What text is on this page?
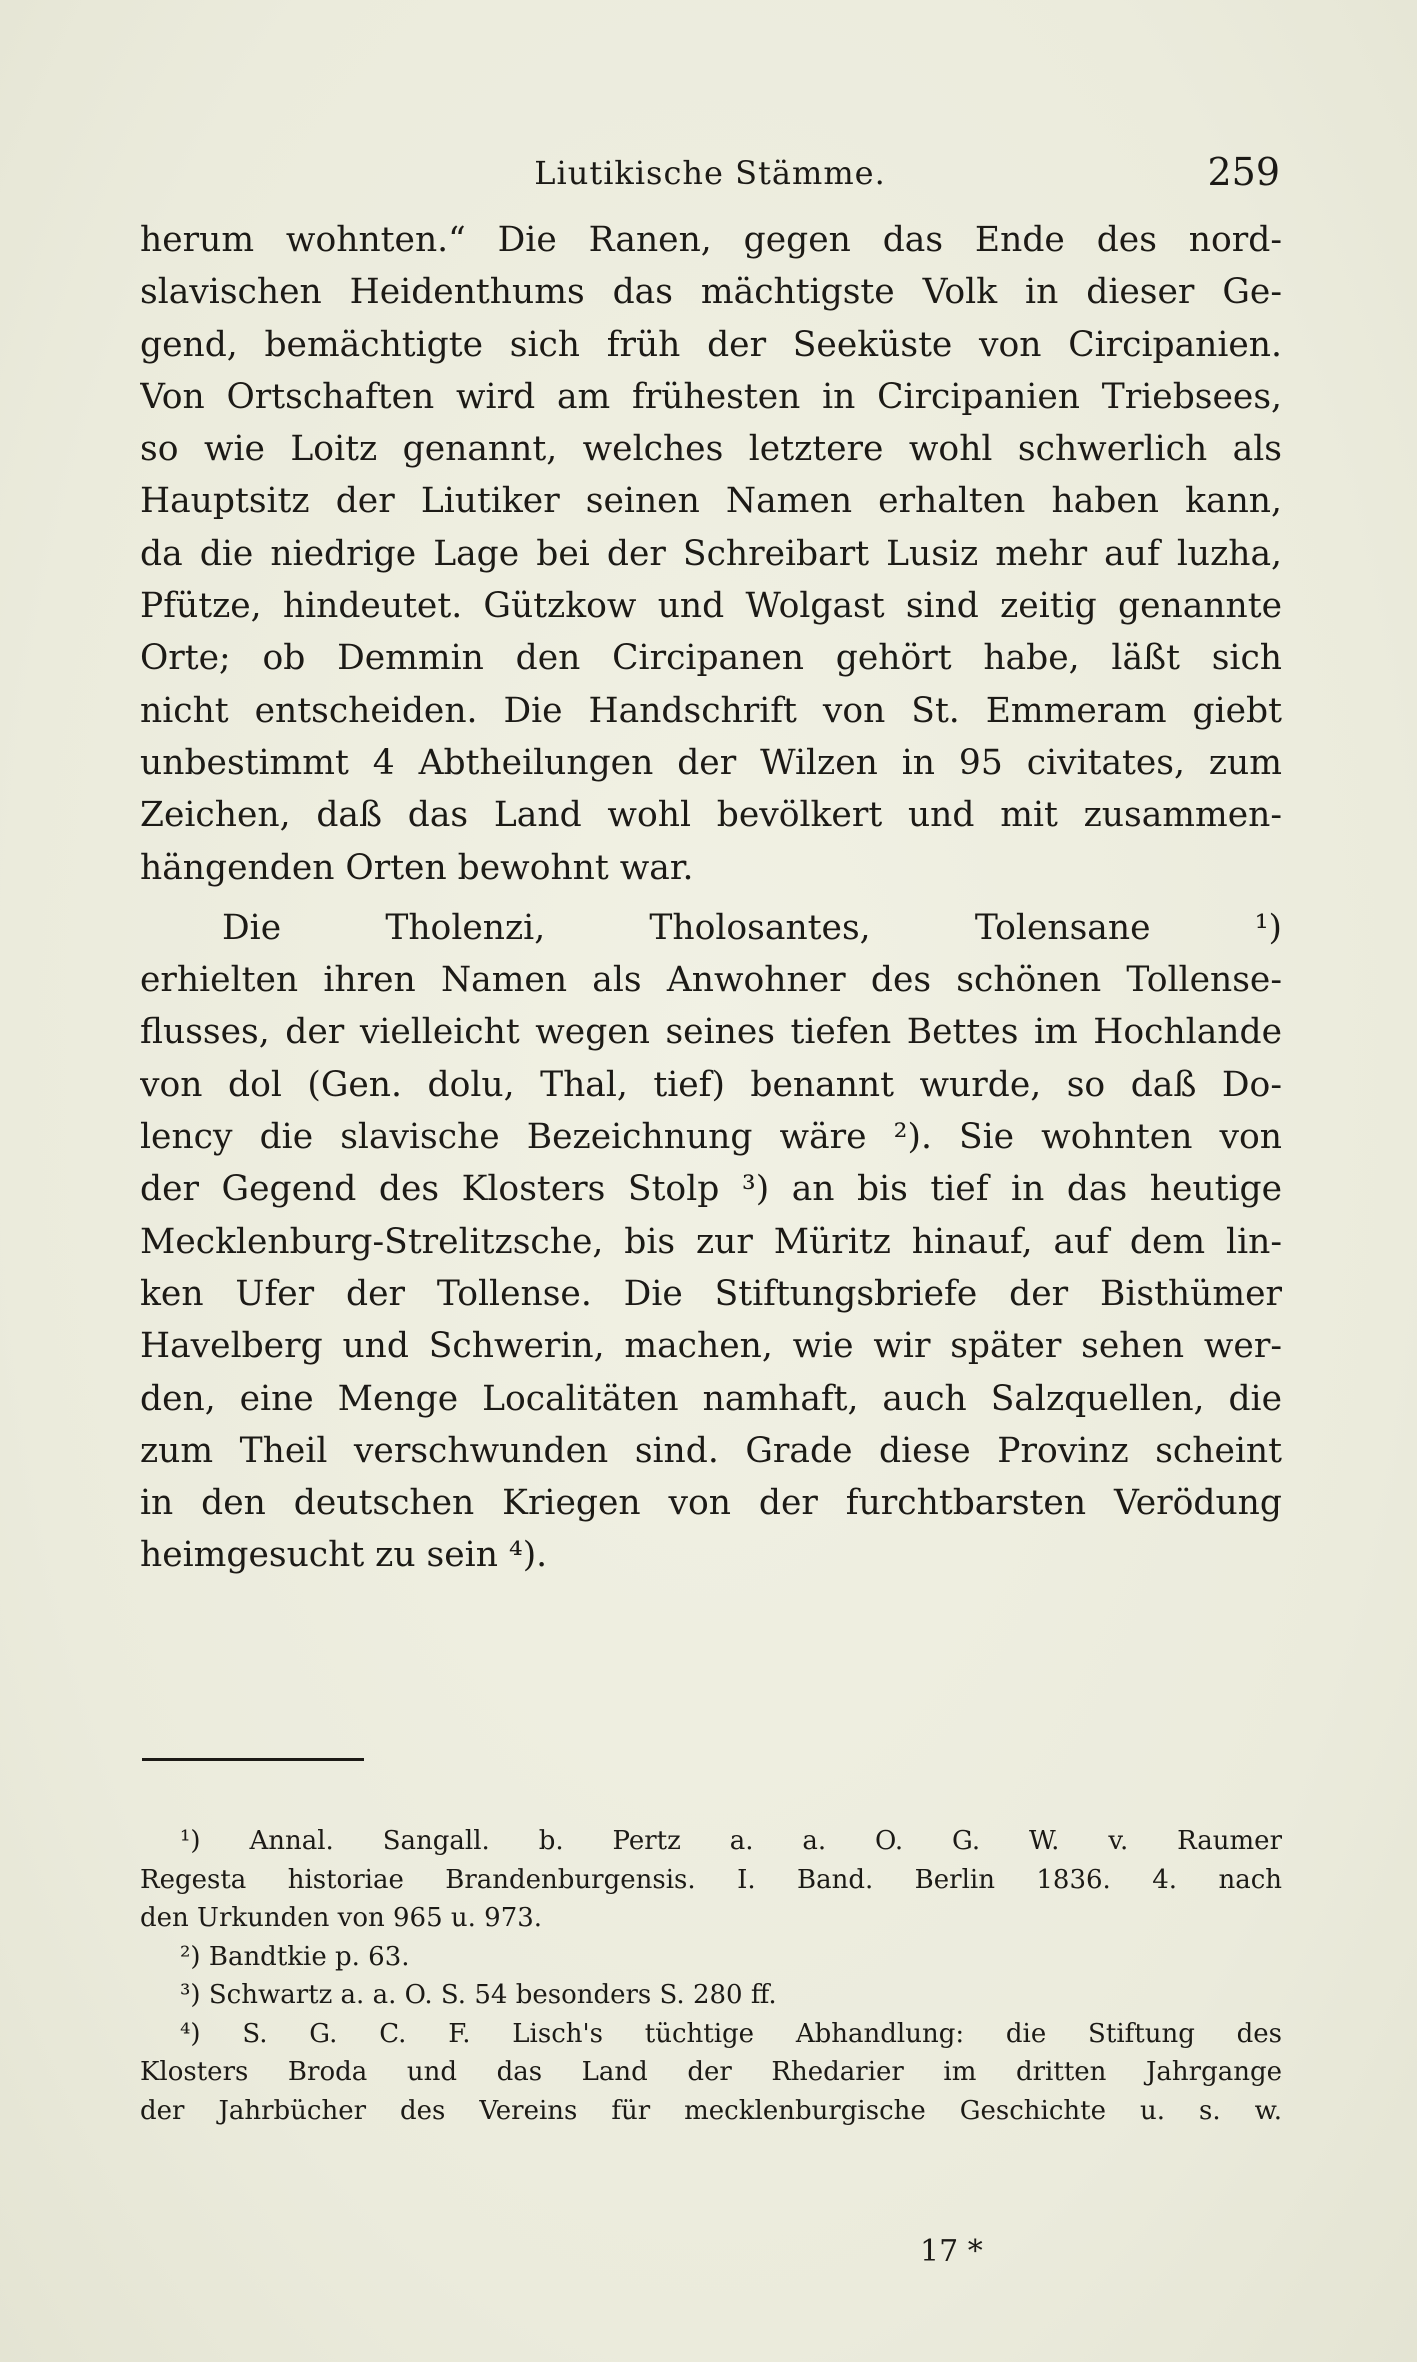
Liutikische Stämme.	259
herum wohnten.“ Die Ranen, gegen das Ende des nord-
slavischen Heidenthums das mächtigste Volk in dieser Ge-
gend, bemächtigte sich früh der Seeküste von Circipanien.
Von Ortschaften wird am frühesten in Circipanien Triebsees,
so wie Loitz genannt, welches letztere wohl schwerlich als
Hauptsitz der Liutiker seinen Namen erhalten haben kann,
da die niedrige Lage bei der Schreibart Lusiz mehr auf luzha,
Pfütze, hindeutet. Gützkow und Wolgast sind zeitig genannte
Orte; ob Demmin den Circipanen gehört habe, läßt sich
nicht entscheiden. Die Handschrift von St. Emmeram giebt
unbestimmt 4 Abtheilungen der Wilzen in 95 civitates, zum
Zeichen, daß das Land wohl bevölkert und mit zusammen-
hängenden Orten bewohnt war.
Die Tholenzi, Tholosantes, Tolensane ¹)
erhielten ihren Namen als Anwohner des schönen Tollense-
flusses, der vielleicht wegen seines tiefen Bettes im Hochlande
von dol (Gen. dolu, Thal, tief) benannt wurde, so daß Do-
lency die slavische Bezeichnung wäre ²). Sie wohnten von
der Gegend des Klosters Stolp ³) an bis tief in das heutige
Mecklenburg-Strelitzsche, bis zur Müritz hinauf, auf dem lin-
ken Ufer der Tollense. Die Stiftungsbriefe der Bisthümer
Havelberg und Schwerin, machen, wie wir später sehen wer-
den, eine Menge Localitäten namhaft, auch Salzquellen, die
zum Theil verschwunden sind. Grade diese Provinz scheint
in den deutschen Kriegen von der furchtbarsten Verödung
heimgesucht zu sein ⁴).
¹) Annal. Sangall. b. Pertz a. a. O. G. W. v. Raumer
Regesta historiae Brandenburgensis. I. Band. Berlin 1836. 4. nach
den Urkunden von 965 u. 973.
²) Bandtkie p. 63.
³) Schwartz a. a. O. S. 54 besonders S. 280 ff.
⁴) S. G. C. F. Lisch's tüchtige Abhandlung: die Stiftung des
Klosters Broda und das Land der Rhedarier im dritten Jahrgange
der Jahrbücher des Vereins für mecklenburgische Geschichte u. s. w.
17 *
